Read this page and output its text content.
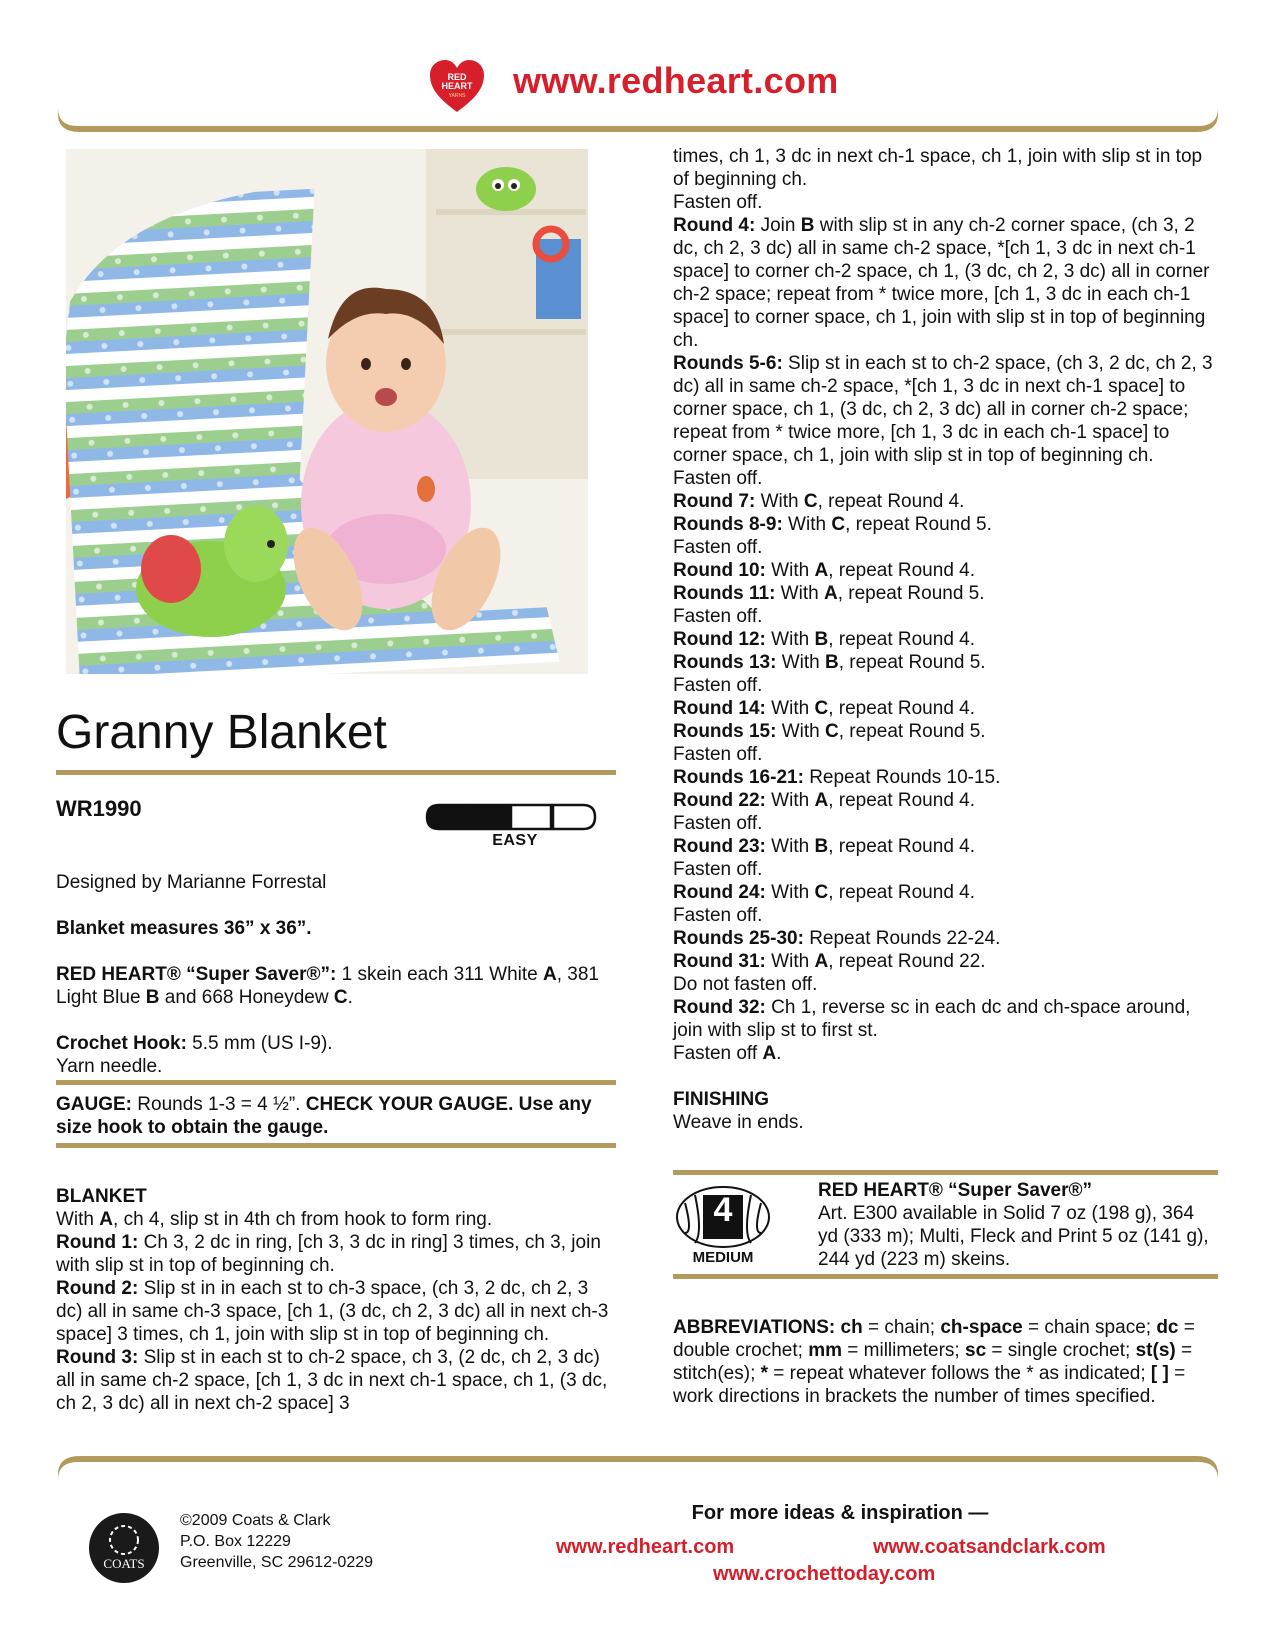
RED
HEART
YARNS www.redheart.com
Granny Blanket
WR1990
EASY

Designed by Marianne Forrestal

Blanket measures 36” x 36”.

RED HEART® “Super Saver®”: 1 skein each 311 White A, 381 Light Blue B and 668 Honeydew C.

Crochet Hook: 5.5 mm (US I-9).

Yarn needle.

GAUGE: Rounds 1-3 = 4 ½”. CHECK YOUR GAUGE. Use any size hook to obtain the gauge.

BLANKET

With A, ch 4, slip st in 4th ch from hook to form ring.

Round 1: Ch 3, 2 dc in ring, [ch 3, 3 dc in ring] 3 times, ch 3, join with slip st in top of beginning ch.

Round 2: Slip st in in each st to ch-3 space, (ch 3, 2 dc, ch 2, 3 dc) all in same ch-3 space, [ch 1, (3 dc, ch 2, 3 dc) all in next ch-3 space] 3 times, ch 1, join with slip st in top of beginning ch.

Round 3: Slip st in each st to ch-2 space, ch 3, (2 dc, ch 2, 3 dc) all in same ch-2 space, [ch 1, 3 dc in next ch-1 space, ch 1, (3 dc, ch 2, 3 dc) all in next ch-2 space] 3

times, ch 1, 3 dc in next ch-1 space, ch 1, join with slip st in top of beginning ch.

Fasten off.

Round 4: Join B with slip st in any ch-2 corner space, (ch 3, 2 dc, ch 2, 3 dc) all in same ch-2 space, *[ch 1, 3 dc in next ch-1 space] to corner ch-2 space, ch 1, (3 dc, ch 2, 3 dc) all in corner ch-2 space; repeat from * twice more, [ch 1, 3 dc in each ch-1 space] to corner space, ch 1, join with slip st in top of beginning ch.

Rounds 5-6: Slip st in each st to ch-2 space, (ch 3, 2 dc, ch 2, 3 dc) all in same ch-2 space, *[ch 1, 3 dc in next ch-1 space] to corner space, ch 1, (3 dc, ch 2, 3 dc) all in corner ch-2 space; repeat from * twice more, [ch 1, 3 dc in each ch-1 space] to corner space, ch 1, join with slip st in top of beginning ch.

Fasten off.

Round 7: With C, repeat Round 4.

Rounds 8-9: With C, repeat Round 5.

Fasten off.

Round 10: With A, repeat Round 4.

Rounds 11: With A, repeat Round 5.

Fasten off.

Round 12: With B, repeat Round 4.

Rounds 13: With B, repeat Round 5.

Fasten off.

Round 14: With C, repeat Round 4.

Rounds 15: With C, repeat Round 5.

Fasten off.

Rounds 16-21: Repeat Rounds 10-15.

Round 22: With A, repeat Round 4.

Fasten off.

Round 23: With B, repeat Round 4.

Fasten off.

Round 24: With C, repeat Round 4.

Fasten off.

Rounds 25-30: Repeat Rounds 22-24.

Round 31: With A, repeat Round 22.

Do not fasten off.

Round 32: Ch 1, reverse sc in each dc and ch-space around, join with slip st to first st.

Fasten off A.

FINISHING

Weave in ends.

4
MEDIUM

RED HEART® “Super Saver®”

Art. E300 available in Solid 7 oz (198 g), 364 yd (333 m); Multi, Fleck and Print 5 oz (141 g), 244 yd (223 m) skeins.

ABBREVIATIONS: ch = chain; ch-space = chain space; dc = double crochet; mm = millimeters; sc = single crochet; st(s) = stitch(es); * = repeat whatever follows the * as indicated; [ ] = work directions in brackets the number of times specified.

COATS

©2009 Coats & Clark

P.O. Box 12229

Greenville, SC 29612-0229

For more ideas & inspiration —
www.redheart.com	www.coatsandclark.com
www.crochettoday.com
